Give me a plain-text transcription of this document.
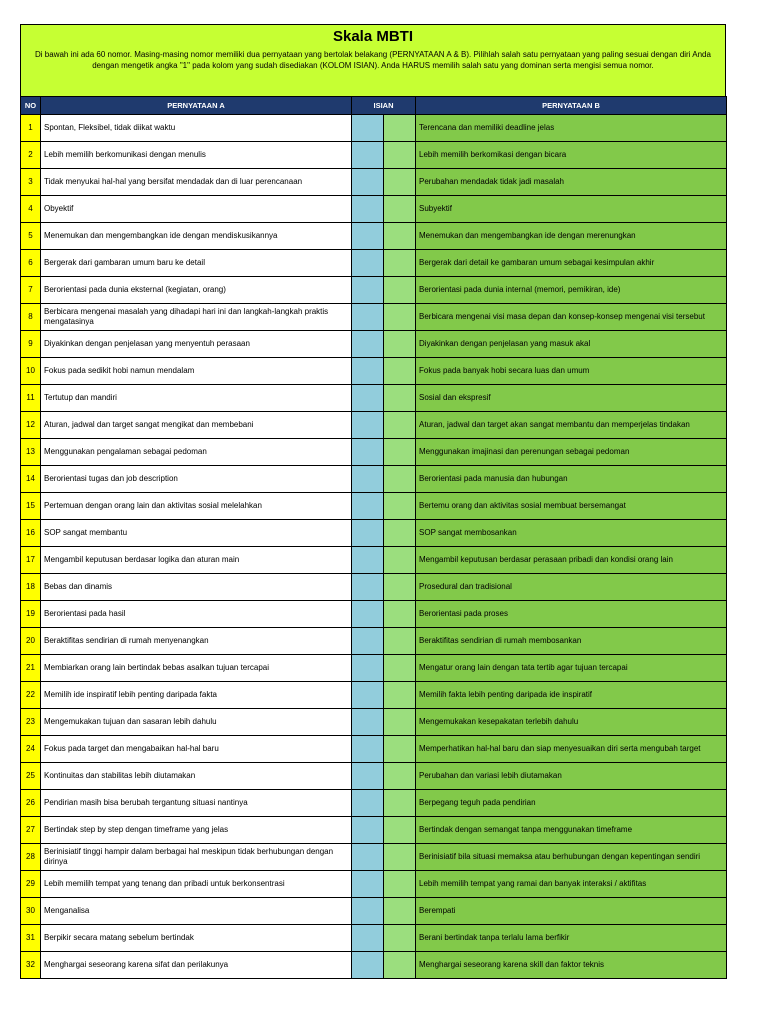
Skala MBTI
Di bawah ini ada 60 nomor. Masing-masing nomor memiliki dua pernyataan yang bertolak belakang (PERNYATAAN A & B). Pilihlah salah satu pernyataan yang paling sesuai dengan diri Anda dengan mengetik angka "1" pada kolom yang sudah disediakan (KOLOM ISIAN). Anda HARUS memilih salah satu yang dominan serta mengisi semua nomor.
NO	PERNYATAAN A	ISIAN		PERNYATAAN B
1	Spontan, Fleksibel, tidak diikat waktu			Terencana dan memiliki deadline jelas
2	Lebih memilih berkomunikasi dengan menulis			Lebih memilih berkomikasi dengan bicara
3	Tidak menyukai hal-hal yang bersifat mendadak dan di luar perencanaan			Perubahan mendadak tidak jadi masalah
4	Obyektif			Subyektif
5	Menemukan dan mengembangkan ide dengan mendiskusikannya			Menemukan dan mengembangkan ide dengan merenungkan
6	Bergerak dari gambaran umum baru ke detail			Bergerak dari detail ke gambaran umum sebagai kesimpulan akhir
7	Berorientasi pada dunia eksternal (kegiatan, orang)			Berorientasi pada dunia internal (memori, pemikiran, ide)
8	Berbicara mengenai masalah yang dihadapi hari ini dan langkah-langkah praktis mengatasinya			Berbicara mengenai visi masa depan dan konsep-konsep mengenai visi tersebut
9	Diyakinkan dengan penjelasan yang menyentuh perasaan			Diyakinkan dengan penjelasan yang masuk akal
10	Fokus pada sedikit hobi namun mendalam			Fokus pada banyak hobi secara luas dan umum
11	Tertutup dan mandiri			Sosial dan ekspresif
12	Aturan, jadwal dan target sangat mengikat dan membebani			Aturan, jadwal dan target akan sangat membantu dan memperjelas tindakan
13	Menggunakan pengalaman sebagai pedoman			Menggunakan imajinasi dan perenungan sebagai pedoman
14	Berorientasi tugas dan job description			Berorientasi pada manusia dan hubungan
15	Pertemuan dengan orang lain dan aktivitas sosial melelahkan			Bertemu orang dan aktivitas sosial membuat bersemangat
16	SOP sangat membantu			SOP sangat membosankan
17	Mengambil keputusan berdasar logika dan aturan main			Mengambil keputusan berdasar perasaan pribadi dan kondisi orang lain
18	Bebas dan dinamis			Prosedural dan tradisional
19	Berorientasi pada hasil			Berorientasi pada proses
20	Beraktifitas sendirian di rumah menyenangkan			Beraktifitas sendirian di rumah membosankan
21	Membiarkan orang lain bertindak bebas asalkan tujuan tercapai			Mengatur orang lain dengan tata tertib agar tujuan tercapai
22	Memilih ide inspiratif lebih penting daripada fakta			Memilih fakta lebih penting daripada ide inspiratif
23	Mengemukakan tujuan dan sasaran lebih dahulu			Mengemukakan kesepakatan terlebih dahulu
24	Fokus pada target dan mengabaikan hal-hal baru			Memperhatikan hal-hal baru dan siap menyesuaikan diri serta mengubah target
25	Kontinuitas dan stabilitas lebih diutamakan			Perubahan dan variasi lebih diutamakan
26	Pendirian masih bisa berubah tergantung situasi nantinya			Berpegang teguh pada pendirian
27	Bertindak step by step dengan timeframe yang jelas			Bertindak dengan semangat tanpa menggunakan timeframe
28	Berinisiatif tinggi hampir dalam berbagai hal meskipun tidak berhubungan dengan dirinya			Berinisiatif bila situasi memaksa atau berhubungan dengan kepentingan sendiri
29	Lebih memilih tempat yang tenang dan pribadi untuk berkonsentrasi			Lebih memilih tempat yang ramai dan banyak interaksi / aktifitas
30	Menganalisa			Berempati
31	Berpikir secara matang sebelum bertindak			Berani bertindak tanpa terlalu lama berfikir
32	Menghargai seseorang karena sifat dan perilakunya			Menghargai seseorang karena skill dan faktor teknis
